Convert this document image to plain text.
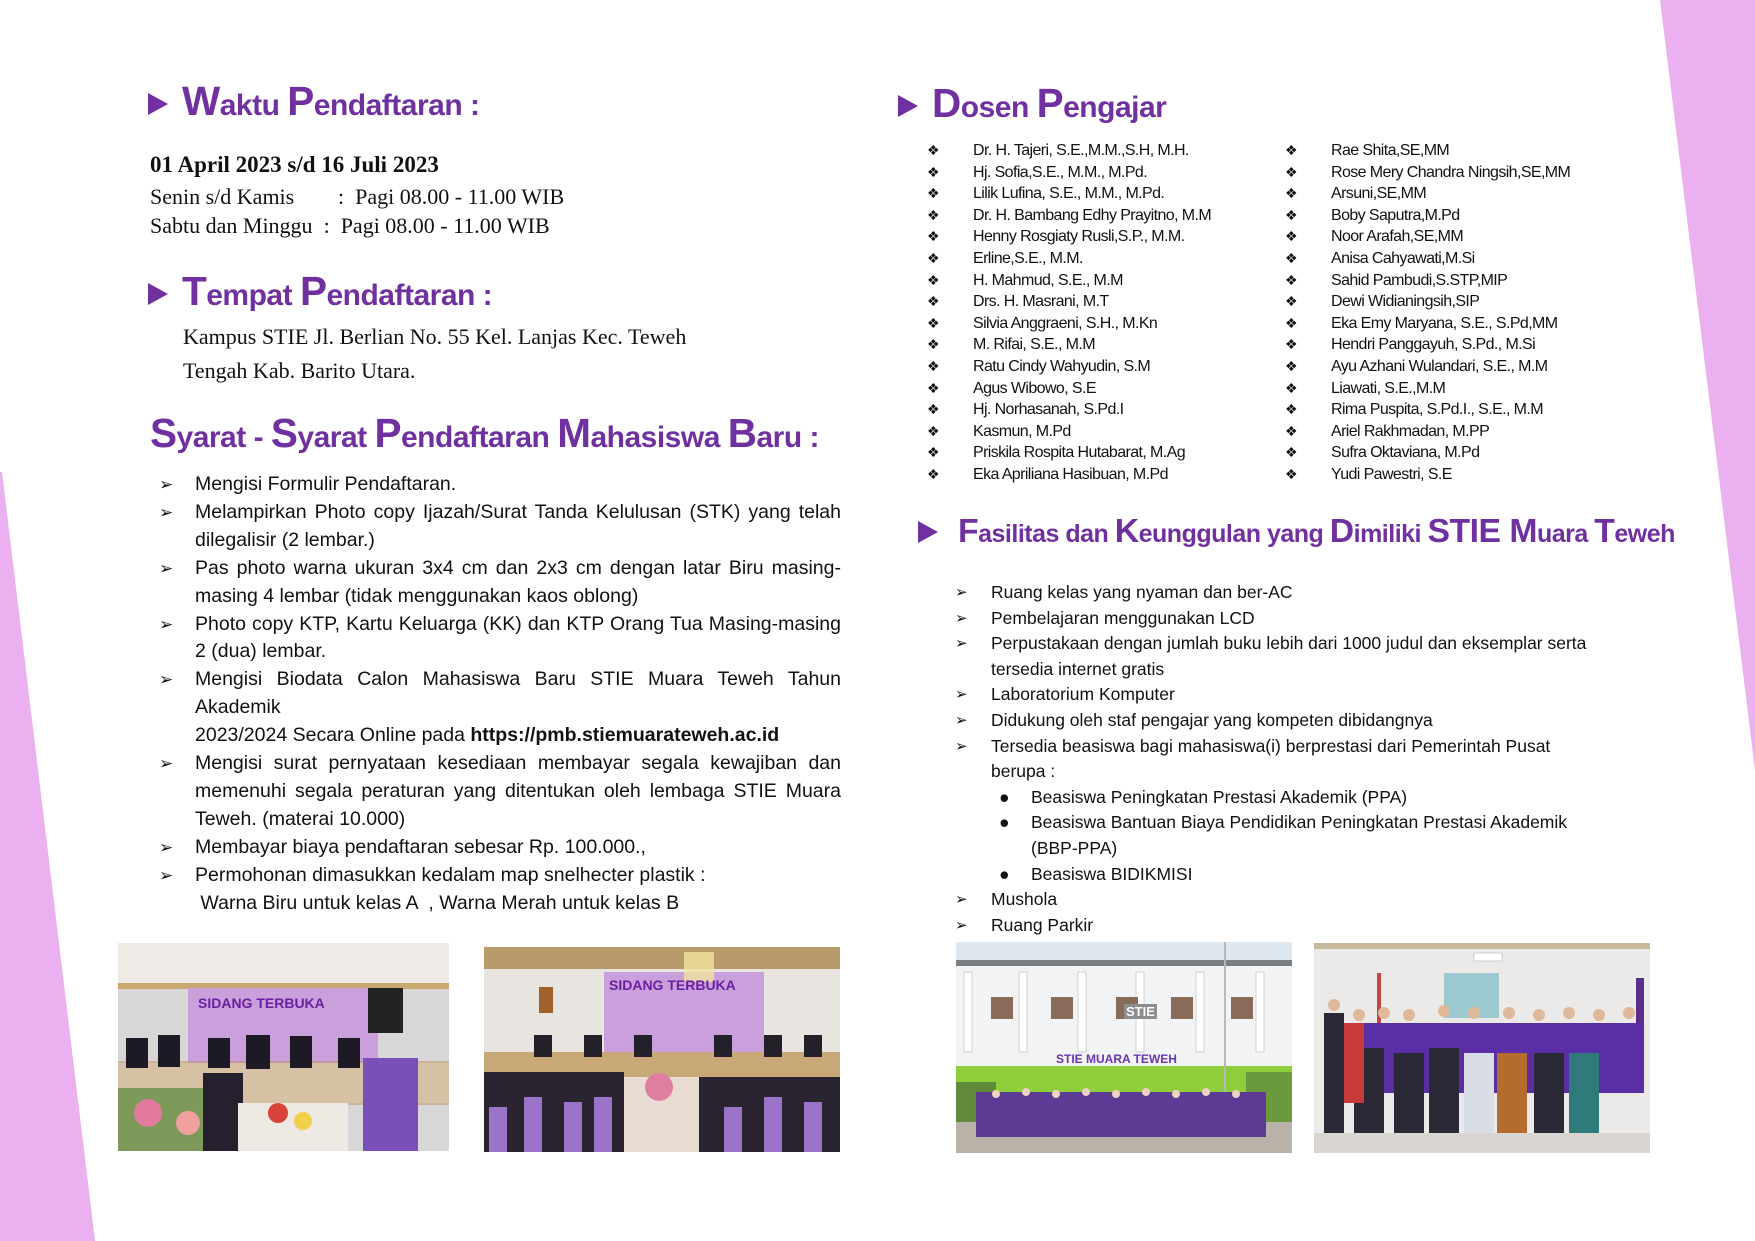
Waktu Pendaftaran :
01 April 2023 s/d 16 Juli 2023
Senin s/d Kamis : Pagi 08.00 - 11.00 WIB
Sabtu dan Minggu : Pagi 08.00 - 11.00 WIB
Tempat Pendaftaran :
Kampus STIE Jl. Berlian No. 55 Kel. Lanjas Kec. Teweh
Tengah Kab. Barito Utara.
Syarat - Syarat Pendaftaran Mahasiswa Baru :
➢ Mengisi Formulir Pendaftaran.
➢ Melampirkan Photo copy Ijazah/Surat Tanda Kelulusan (STK) yang telah dilegalisir (2 lembar.)
➢ Pas photo warna ukuran 3x4 cm dan 2x3 cm dengan latar Biru masing-masing 4 lembar (tidak menggunakan kaos oblong)
➢ Photo copy KTP, Kartu Keluarga (KK) dan KTP Orang Tua Masing-masing 2 (dua) lembar.
➢ Mengisi Biodata Calon Mahasiswa Baru STIE Muara Teweh Tahun Akademik
2023/2024 Secara Online pada https://pmb.stiemuarateweh.ac.id
➢ Mengisi surat pernyataan kesediaan membayar segala kewajiban dan memenuhi segala peraturan yang ditentukan oleh lembaga STIE Muara Teweh. (materai 10.000)
➢ Membayar biaya pendaftaran sebesar Rp. 100.000.,
➢ Permohonan dimasukkan kedalam map snelhecter plastik :
Warna Biru untuk kelas A  , Warna Merah untuk kelas B
SIDANG TERBUKA
SIDANG TERBUKA
Dosen Pengajar
❖ Dr. H. Tajeri, S.E.,M.M.,S.H, M.H.
❖ Hj. Sofia,S.E., M.M., M.Pd.
❖ Lilik Lufina, S.E., M.M., M.Pd.
❖ Dr. H. Bambang Edhy Prayitno, M.M
❖ Henny Rosgiaty Rusli,S.P., M.M.
❖ Erline,S.E., M.M.
❖ H. Mahmud, S.E., M.M
❖ Drs. H. Masrani, M.T
❖ Silvia Anggraeni, S.H., M.Kn
❖ M. Rifai, S.E., M.M
❖ Ratu Cindy Wahyudin, S.M
❖ Agus Wibowo, S.E
❖ Hj. Norhasanah, S.Pd.I
❖ Kasmun, M.Pd
❖ Priskila Rospita Hutabarat, M.Ag
❖ Eka Apriliana Hasibuan, M.Pd
❖ Rae Shita,SE,MM
❖ Rose Mery Chandra Ningsih,SE,MM
❖ Arsuni,SE,MM
❖ Boby Saputra,M.Pd
❖ Noor Arafah,SE,MM
❖ Anisa Cahyawati,M.Si
❖ Sahid Pambudi,S.STP,MIP
❖ Dewi Widianingsih,SIP
❖ Eka Emy Maryana, S.E., S.Pd,MM
❖ Hendri Panggayuh, S.Pd., M.Si
❖ Ayu Azhani Wulandari, S.E., M.M
❖ Liawati, S.E.,M.M
❖ Rima Puspita, S.Pd.I., S.E., M.M
❖ Ariel Rakhmadan, M.PP
❖ Sufra Oktaviana, M.Pd
❖ Yudi Pawestri, S.E
Fasilitas dan Keunggulan yang Dimiliki STIE Muara Teweh
➢ Ruang kelas yang nyaman dan ber-AC
➢ Pembelajaran menggunakan LCD
➢ Perpustakaan dengan jumlah buku lebih dari 1000 judul dan eksemplar serta tersedia internet gratis
➢ Laboratorium Komputer
➢ Didukung oleh staf pengajar yang kompeten dibidangnya
➢ Tersedia beasiswa bagi mahasiswa(i) berprestasi dari Pemerintah Pusat berupa :
● Beasiswa Peningkatan Prestasi Akademik (PPA)
● Beasiswa Bantuan Biaya Pendidikan Peningkatan Prestasi Akademik (BBP-PPA)
● Beasiswa BIDIKMISI
➢ Mushola
➢ Ruang Parkir
STIE
STIE MUARA TEWEH
